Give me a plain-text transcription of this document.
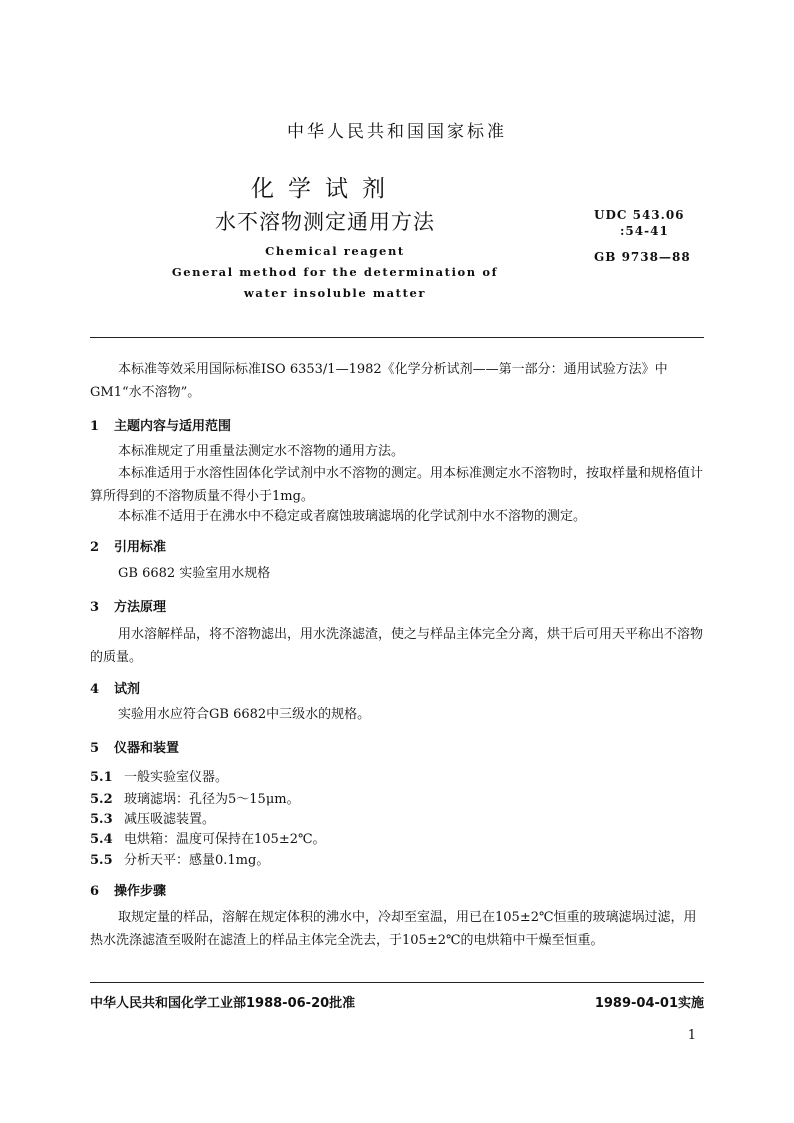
中华人民共和国国家标准
化学试剂
水不溶物测定通用方法
Chemical reagent
General method for the determination of
water insoluble matter
UDC 543.06
:54-41
GB 9738—88
本标准等效采用国际标准ISO 6353/1—1982《化学分析试剂——第一部分：通用试验方法》中GM1“水不溶物”。
1 主题内容与适用范围
本标准规定了用重量法测定水不溶物的通用方法。
本标准适用于水溶性固体化学试剂中水不溶物的测定。用本标准测定水不溶物时，按取样量和规格值计算所得到的不溶物质量不得小于1mg。
本标准不适用于在沸水中不稳定或者腐蚀玻璃滤埚的化学试剂中水不溶物的测定。
2 引用标准
GB 6682 实验室用水规格
3 方法原理
用水溶解样品，将不溶物滤出，用水洗涤滤渣，使之与样品主体完全分离，烘干后可用天平称出不溶物的质量。
4 试剂
实验用水应符合GB 6682中三级水的规格。
5 仪器和装置
5.1 一般实验室仪器。
5.2 玻璃滤埚：孔径为5～15μm。
5.3 减压吸滤装置。
5.4 电烘箱：温度可保持在105±2℃。
5.5 分析天平：感量0.1mg。
6 操作步骤
取规定量的样品，溶解在规定体积的沸水中，冷却至室温，用已在105±2℃恒重的玻璃滤埚过滤，用热水洗涤滤渣至吸附在滤渣上的样品主体完全洗去，于105±2℃的电烘箱中干燥至恒重。
中华人民共和国化学工业部1988-06-20批准	1989-04-01实施
1
